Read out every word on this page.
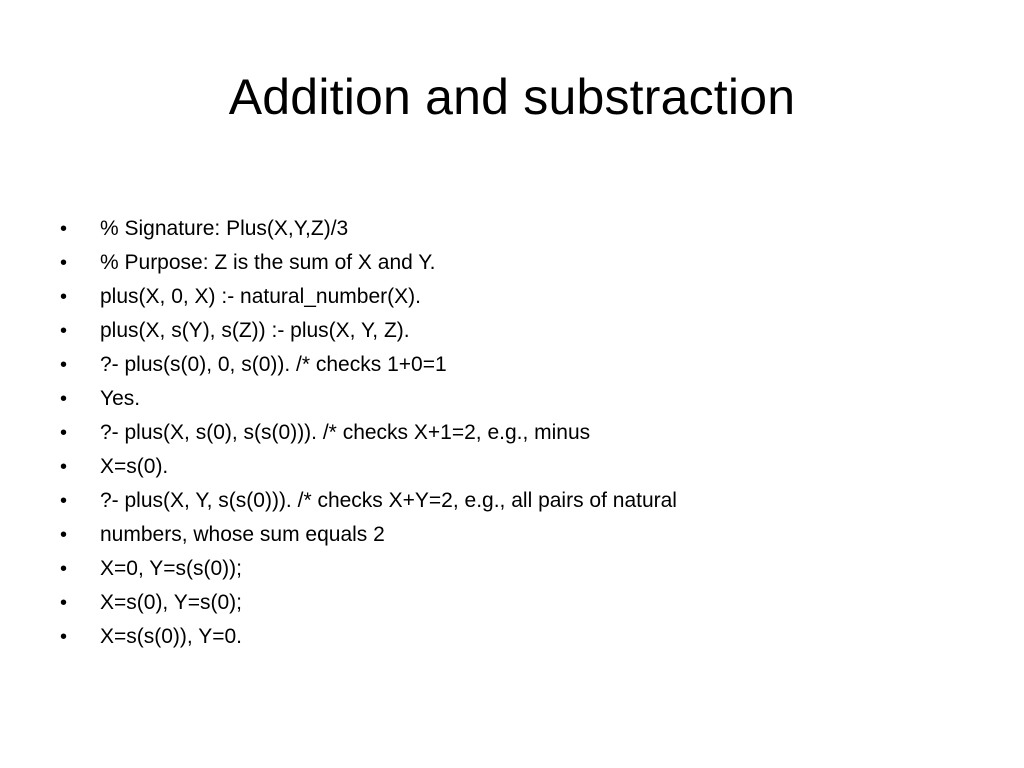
Addition and substraction
•	% Signature: Plus(X,Y,Z)/3
•	% Purpose: Z is the sum of X and Y.
•	plus(X, 0, X) :- natural_number(X).
•	plus(X, s(Y), s(Z)) :- plus(X, Y, Z).
•	?- plus(s(0), 0, s(0)). /* checks 1+0=1
•	Yes.
•	?- plus(X, s(0), s(s(0))). /* checks X+1=2, e.g., minus
•	X=s(0).
•	?- plus(X, Y, s(s(0))). /* checks X+Y=2, e.g., all pairs of natural
•	numbers, whose sum equals 2
•	X=0, Y=s(s(0));
•	X=s(0), Y=s(0);
•	X=s(s(0)), Y=0.
